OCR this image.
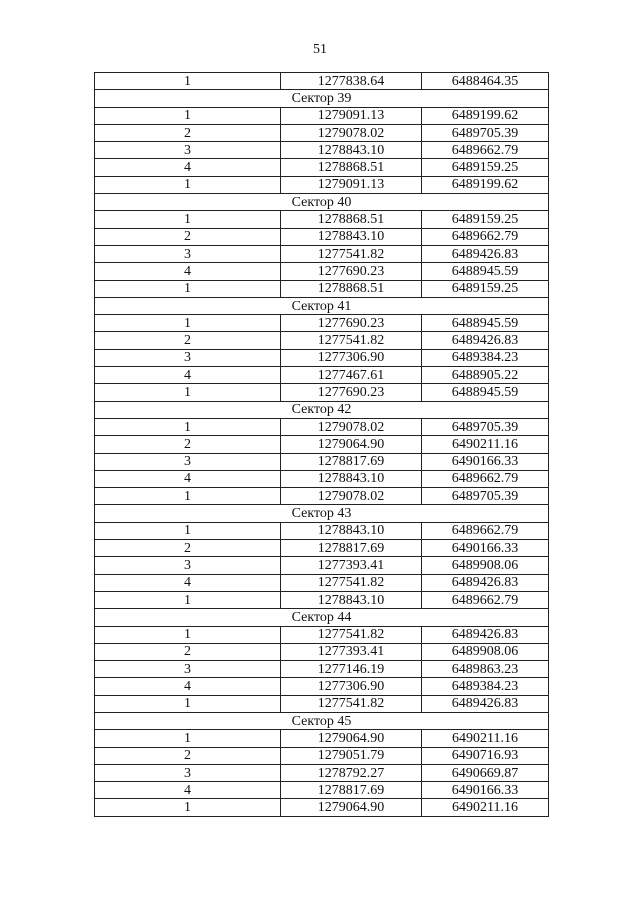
51
1	1277838.64	6488464.35
Сектор 39		
1	1279091.13	6489199.62
2	1279078.02	6489705.39
3	1278843.10	6489662.79
4	1278868.51	6489159.25
1	1279091.13	6489199.62
Сектор 40		
1	1278868.51	6489159.25
2	1278843.10	6489662.79
3	1277541.82	6489426.83
4	1277690.23	6488945.59
1	1278868.51	6489159.25
Сектор 41		
1	1277690.23	6488945.59
2	1277541.82	6489426.83
3	1277306.90	6489384.23
4	1277467.61	6488905.22
1	1277690.23	6488945.59
Сектор 42		
1	1279078.02	6489705.39
2	1279064.90	6490211.16
3	1278817.69	6490166.33
4	1278843.10	6489662.79
1	1279078.02	6489705.39
Сектор 43		
1	1278843.10	6489662.79
2	1278817.69	6490166.33
3	1277393.41	6489908.06
4	1277541.82	6489426.83
1	1278843.10	6489662.79
Сектор 44		
1	1277541.82	6489426.83
2	1277393.41	6489908.06
3	1277146.19	6489863.23
4	1277306.90	6489384.23
1	1277541.82	6489426.83
Сектор 45		
1	1279064.90	6490211.16
2	1279051.79	6490716.93
3	1278792.27	6490669.87
4	1278817.69	6490166.33
1	1279064.90	6490211.16
